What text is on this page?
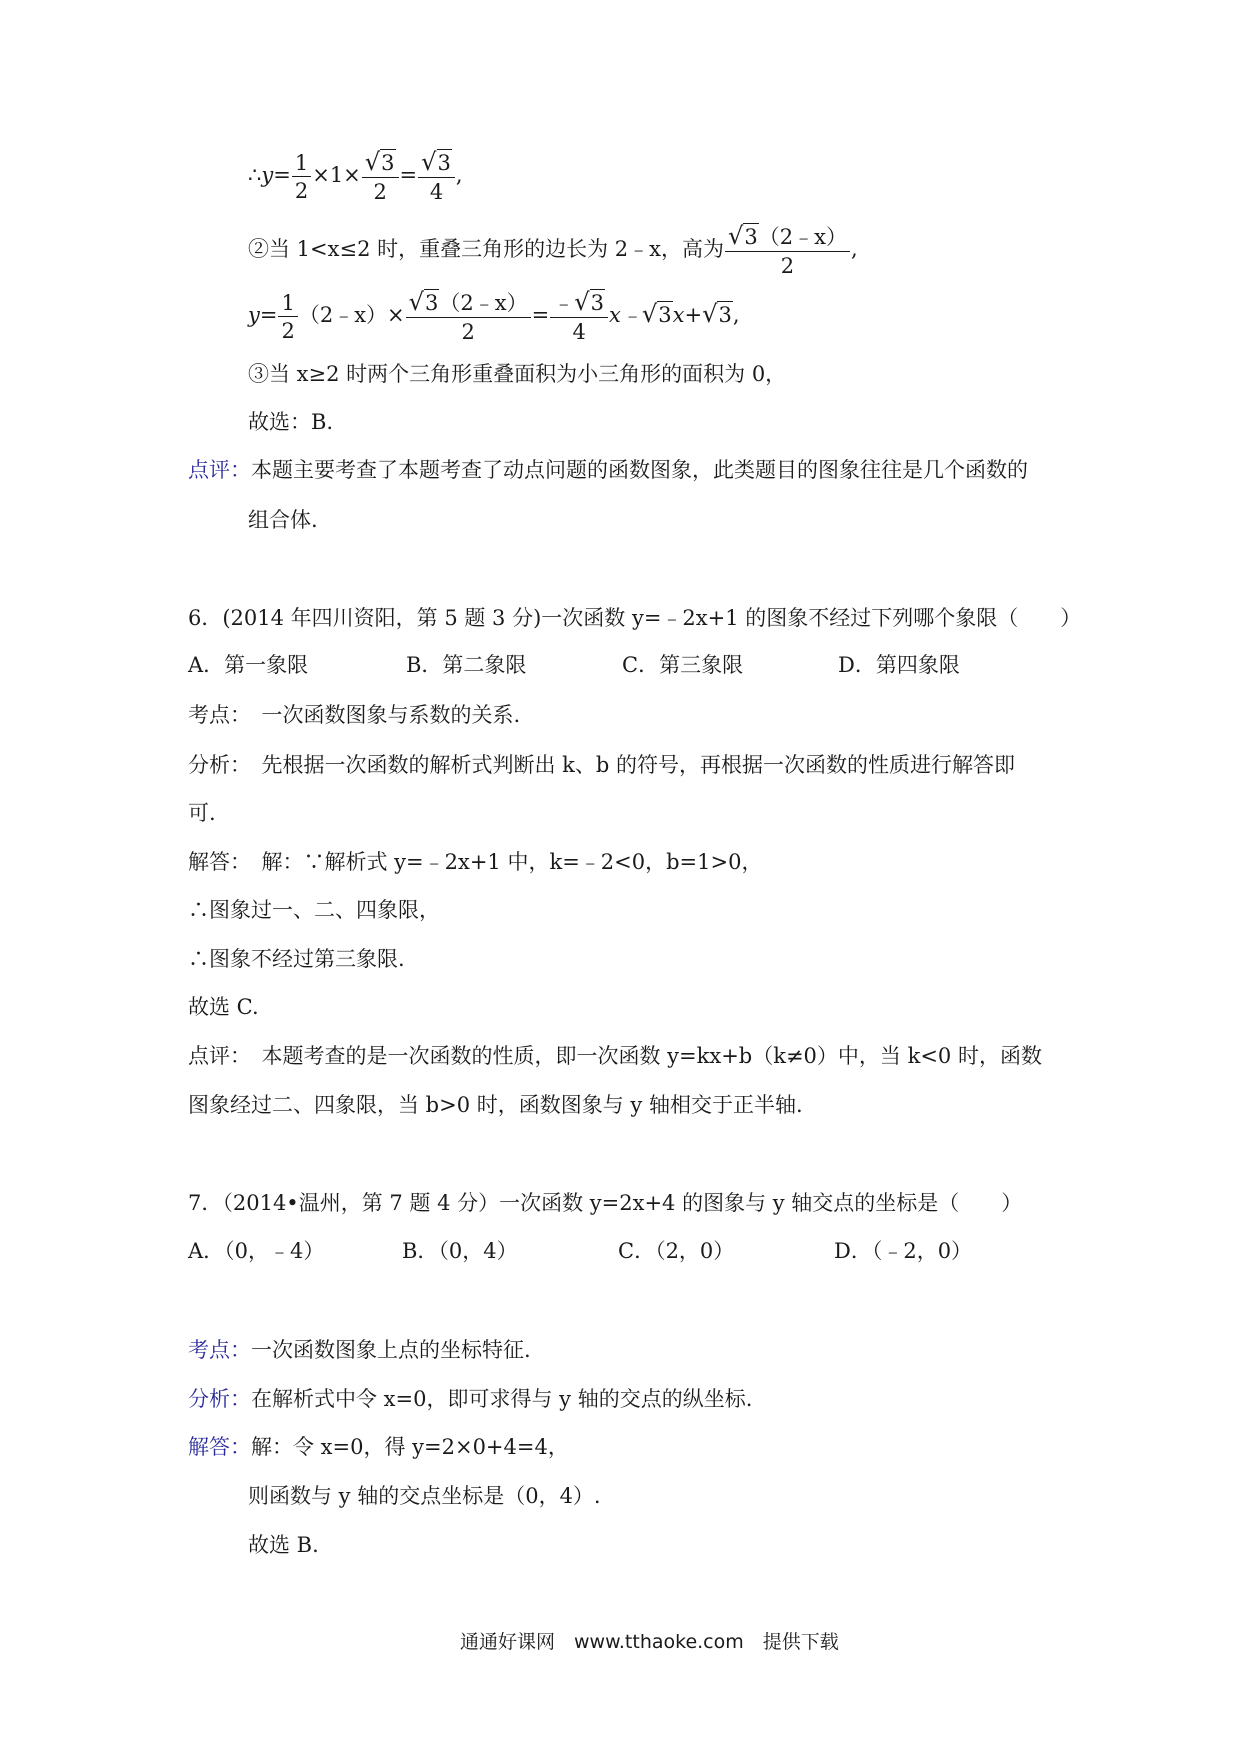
∴y= $\frac{1}{2} \times 1\times \frac{√3}{2} = \frac{√3}{4}$ ,
②当 1<x≤2 时，重叠三角形的边长为 2﹣x，高为 $\frac{√3(2﹣x)}{2}$ ,
$y= \frac{1}{2}$ （2﹣x）× $\frac{√3(2﹣x)}{2} = \frac{﹣√3}{4}$ x﹣√3x+√3,
③当 x≥2 时两个三角形重叠面积为小三角形的面积为 0，
故选：B.
点评：本题主要考查了本题考查了动点问题的函数图象，此类题目的图象往往是几个函数的
组合体.
6．(2014 年四川资阳，第 5 题 3 分)一次函数 y=﹣2x+1 的图象不经过下列哪个象限（　　）
A．第一象限	B．第二象限	C．第三象限	D．第四象限
考点：　一次函数图象与系数的关系.
分析：　先根据一次函数的解析式判断出 k、b 的符号，再根据一次函数的性质进行解答即
可.
解答：　解：∵解析式 y=﹣2x+1 中，k=﹣2<0，b=1>0，
∴图象过一、二、四象限，
∴图象不经过第三象限.
故选 C.
点评：　本题考查的是一次函数的性质，即一次函数 y=kx+b（k≠0）中，当 k<0 时，函数
图象经过二、四象限，当 b>0 时，函数图象与 y 轴相交于正半轴.
7．（2014•温州，第 7 题 4 分）一次函数 y=2x+4 的图象与 y 轴交点的坐标是（　　）
A．（0，﹣4）	B．（0，4）	C．（2，0）	D．（﹣2，0）
考点：一次函数图象上点的坐标特征.
分析：在解析式中令 x=0，即可求得与 y 轴的交点的纵坐标.
解答：解：令 x=0，得 y=2×0+4=4，
则函数与 y 轴的交点坐标是（0，4）.
故选 B.
通通好课网　www.tthaoke.com　提供下载
